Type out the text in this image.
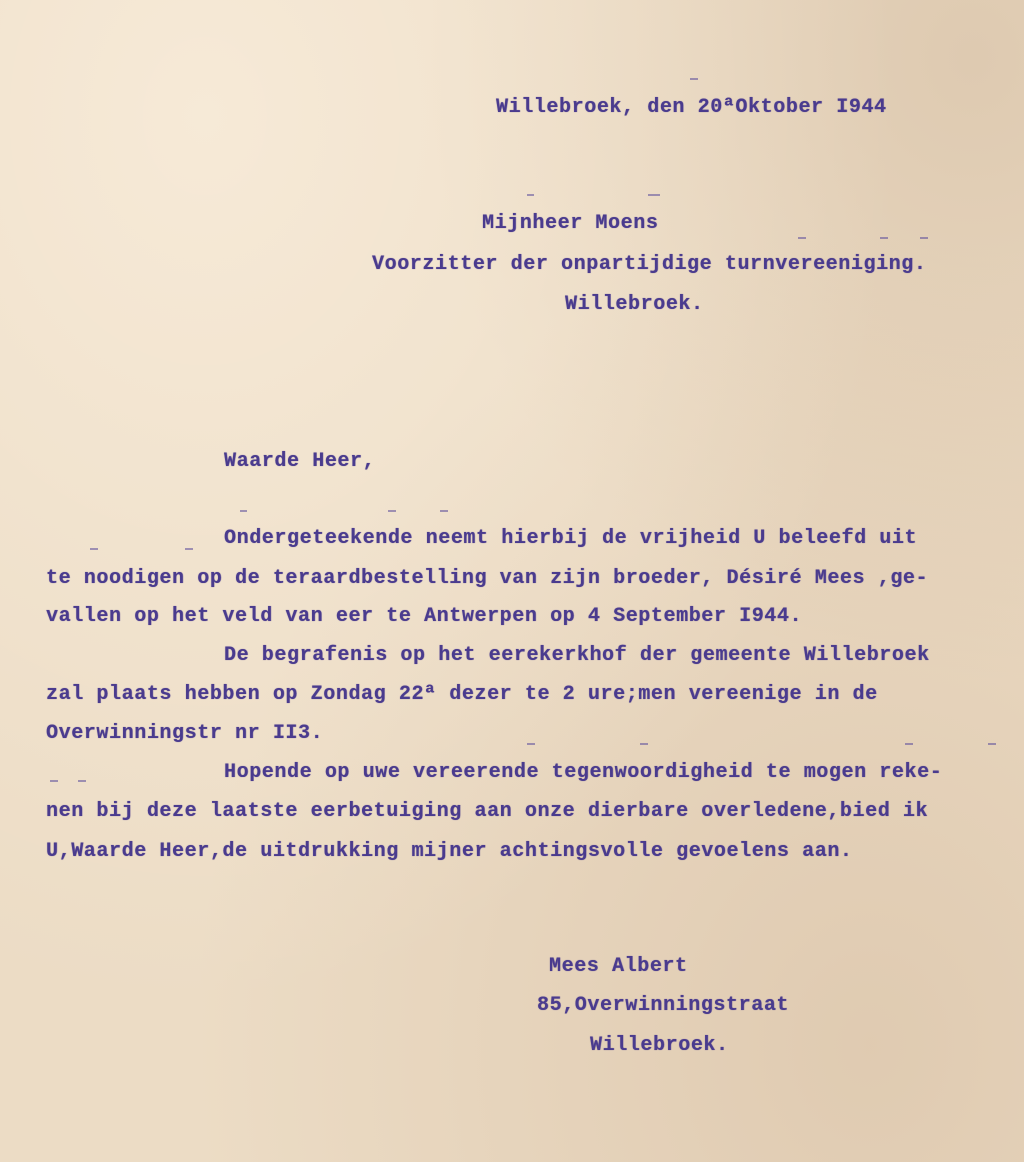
Willebroek, den 20ªOktober I944
Mijnheer Moens
Voorzitter der onpartijdige turnvereeniging.
Willebroek.
Waarde Heer,
Ondergeteekende neemt hierbij de vrijheid U beleefd uit
te noodigen op de teraardbestelling van zijn broeder, Désiré Mees ,ge-
vallen op het veld van eer te Antwerpen op 4 September I944.
De begrafenis op het eerekerkhof der gemeente Willebroek
zal plaats hebben op Zondag 22ª dezer te 2 ure;men vereenige in de
Overwinningstr nr II3.
Hopende op uwe vereerende tegenwoordigheid te mogen reke-
nen bij deze laatste eerbetuiging aan onze dierbare overledene,bied ik
U,Waarde Heer,de uitdrukking mijner achtingsvolle gevoelens aan.
Mees Albert
85,Overwinningstraat
Willebroek.
